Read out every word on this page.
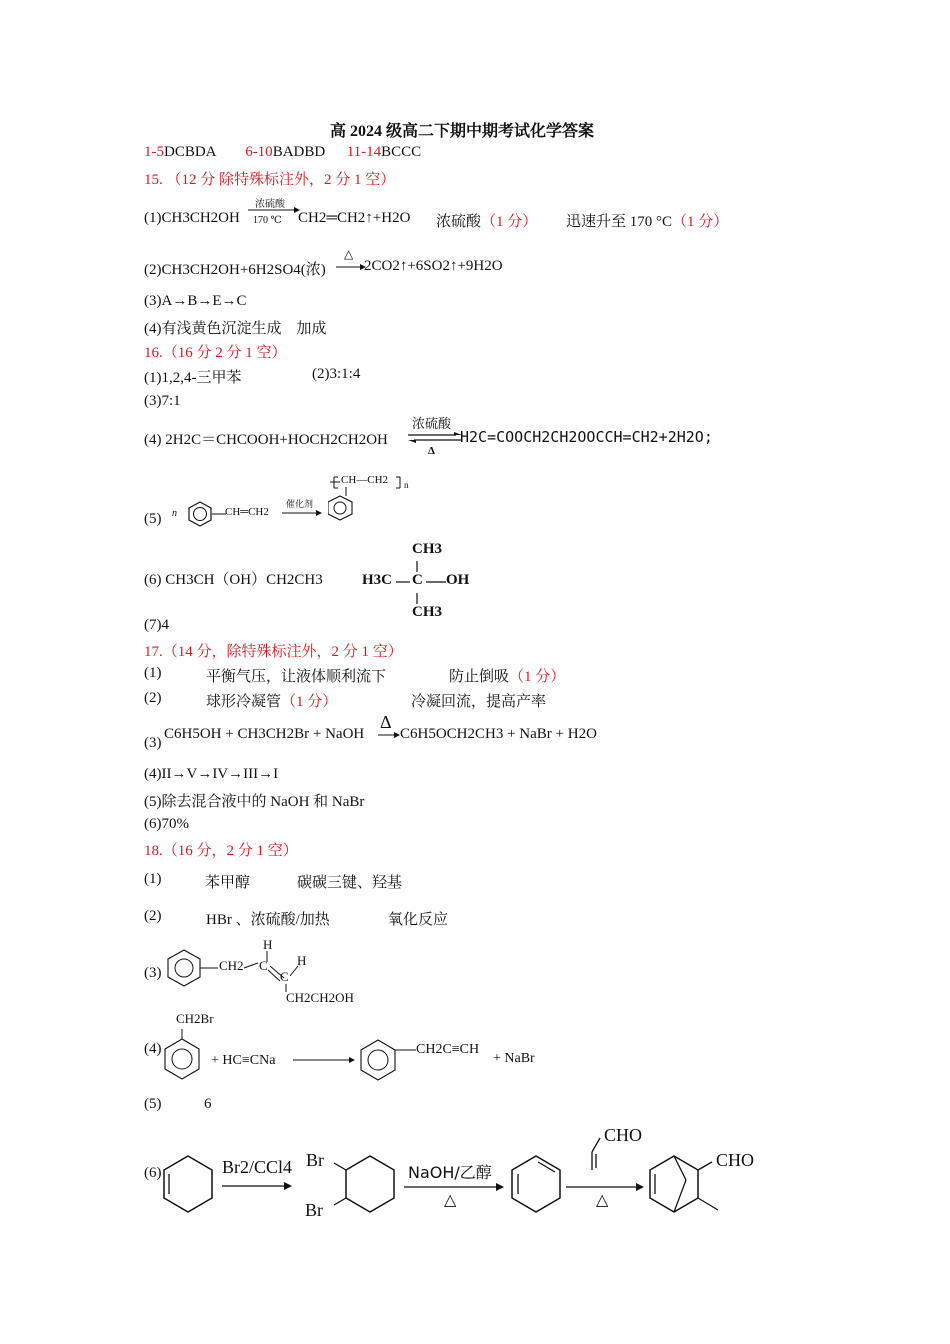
高 2024 级高二下期中期考试化学答案
1-5DCBDA 6-10BADBD 11-14BCCC
15. （12 分 除特殊标注外，2 分 1 空）
(1)CH3CH2OH
浓硫酸
170 ℃ CH2═CH2↑+H2O 浓硫酸（1 分） 迅速升至 170 °C（1 分）
(2)CH3CH2OH+6H2SO4(浓)
△
2CO2↑+6SO2↑+9H2O
(3)A→B→E→C
(4)有浅黄色沉淀生成　加成
16.（16 分 2 分 1 空）
(1)1,2,4-三甲苯	(2)3:1:4
(3)7:1
(4) 2H2C＝CHCOOH+HOCH2CH2OH
浓硫酸
Δ
H2C=COOCH2CH2OOCCH=CH2+2H2O;
(5) n	CH═CH2
催化剂
CH—CH2 n
(6) CH3CH（OH）CH2CH3
CH3
H3C C OH
CH3
(7)4
17.（14 分，除特殊标注外，2 分 1 空）
(1)	平衡气压，让液体顺利流下	防止倒吸（1 分）
(2)	球形冷凝管（1 分）	冷凝回流，提高产率
(3)
C6H5OH + CH3CH2Br + NaOH
Δ
C6H5OCH2CH3 + NaBr + H2O
(4)II→V→IV→III→I
(5)除去混合液中的 NaOH 和 NaBr
(6)70%
18.（16 分，2 分 1 空）
(1)	苯甲醇	碳碳三键、羟基
(2)	HBr 、浓硫酸/加热	氧化反应
(3)	CH2 C
H
C
H
CH2CH2OH
(4)
CH2Br
+ HC≡CNa
CH2C≡CH
+ NaBr
(5)	6
(6)	Br2/CCl4 Br
Br
NaOH/乙醇
△
CHO
△
CHO
